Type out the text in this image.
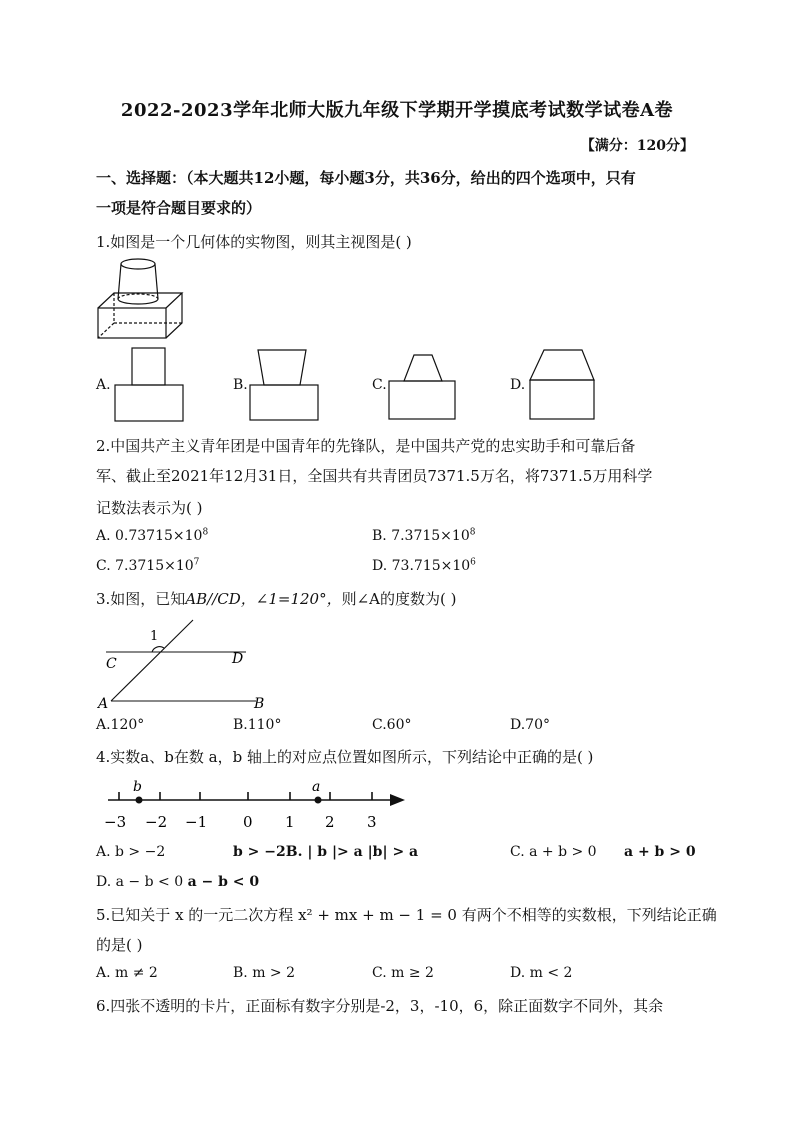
2022-2023学年北师大版九年级下学期开学摸底考试数学试卷A卷
【满分：120分】
一、选择题：（本大题共12小题，每小题3分，共36分，给出的四个选项中，只有
一项是符合题目要求的）
1.如图是一个几何体的实物图，则其主视图是( )
A.	B.	C.	D.
2.中国共产主义青年团是中国青年的先锋队，是中国共产党的忠实助手和可靠后备
军、截止至2021年12月31日，全国共有共青团员7371.5万名，将7371.5万用科学
记数法表示为( )
A. $0.73715\times 10^8$	B. $7.3715\times 10^8$
C. $7.3715\times 10^7$	D. $73.715\times 10^6$
3.如图，已知AB//CD，∠1=120°，则∠A的度数为( )
1
C	D
A	B
A.120°	B.110°	C.60°	D.70°
4.实数a、b在数 a，b 轴上的对应点位置如图所示，下列结论中正确的是( )
b	a
−3 −2 −1 0 1 2 3
A. b > −2	b > −2B. | b |> a |b| > a	C. a + b > 0 a + b > 0
D. a − b < 0 a − b < 0
5.已知关于 x 的一元二次方程 x² + mx + m − 1 = 0 有两个不相等的实数根，下列结论正确
的是( )
A. m ≠ 2	B. m > 2	C. m ≥ 2	D. m < 2
6.四张不透明的卡片，正面标有数字分别是-2，3，-10，6，除正面数字不同外，其余
